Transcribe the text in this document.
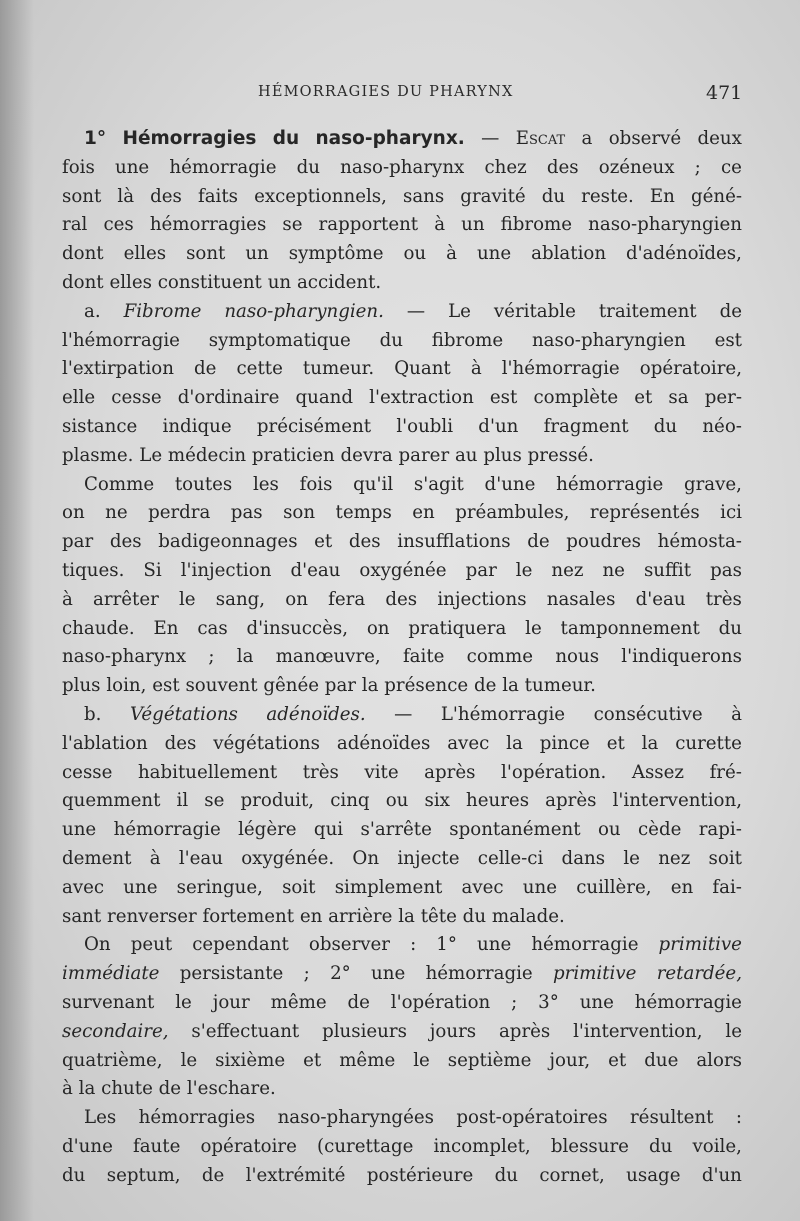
HÉMORRAGIES DU PHARYNX	471
1° Hémorragies du naso-pharynx. — Escat a observé deux
fois une hémorragie du naso-pharynx chez des ozéneux ; ce
sont là des faits exceptionnels, sans gravité du reste. En géné-
ral ces hémorragies se rapportent à un fibrome naso-pharyngien
dont elles sont un symptôme ou à une ablation d'adénoïdes,
dont elles constituent un accident.
a. Fibrome naso-pharyngien. — Le véritable traitement de
l'hémorragie symptomatique du fibrome naso-pharyngien est
l'extirpation de cette tumeur. Quant à l'hémorragie opératoire,
elle cesse d'ordinaire quand l'extraction est complète et sa per-
sistance indique précisément l'oubli d'un fragment du néo-
plasme. Le médecin praticien devra parer au plus pressé.
Comme toutes les fois qu'il s'agit d'une hémorragie grave,
on ne perdra pas son temps en préambules, représentés ici
par des badigeonnages et des insufflations de poudres hémosta-
tiques. Si l'injection d'eau oxygénée par le nez ne suffit pas
à arrêter le sang, on fera des injections nasales d'eau très
chaude. En cas d'insuccès, on pratiquera le tamponnement du
naso-pharynx ; la manœuvre, faite comme nous l'indiquerons
plus loin, est souvent gênée par la présence de la tumeur.
b. Végétations adénoïdes. — L'hémorragie consécutive à
l'ablation des végétations adénoïdes avec la pince et la curette
cesse habituellement très vite après l'opération. Assez fré-
quemment il se produit, cinq ou six heures après l'intervention,
une hémorragie légère qui s'arrête spontanément ou cède rapi-
dement à l'eau oxygénée. On injecte celle-ci dans le nez soit
avec une seringue, soit simplement avec une cuillère, en fai-
sant renverser fortement en arrière la tête du malade.
On peut cependant observer : 1° une hémorragie primitive
immédiate persistante ; 2° une hémorragie primitive retardée,
survenant le jour même de l'opération ; 3° une hémorragie
secondaire, s'effectuant plusieurs jours après l'intervention, le
quatrième, le sixième et même le septième jour, et due alors
à la chute de l'eschare.
Les hémorragies naso-pharyngées post-opératoires résultent :
d'une faute opératoire (curettage incomplet, blessure du voile,
du septum, de l'extrémité postérieure du cornet, usage d'un
